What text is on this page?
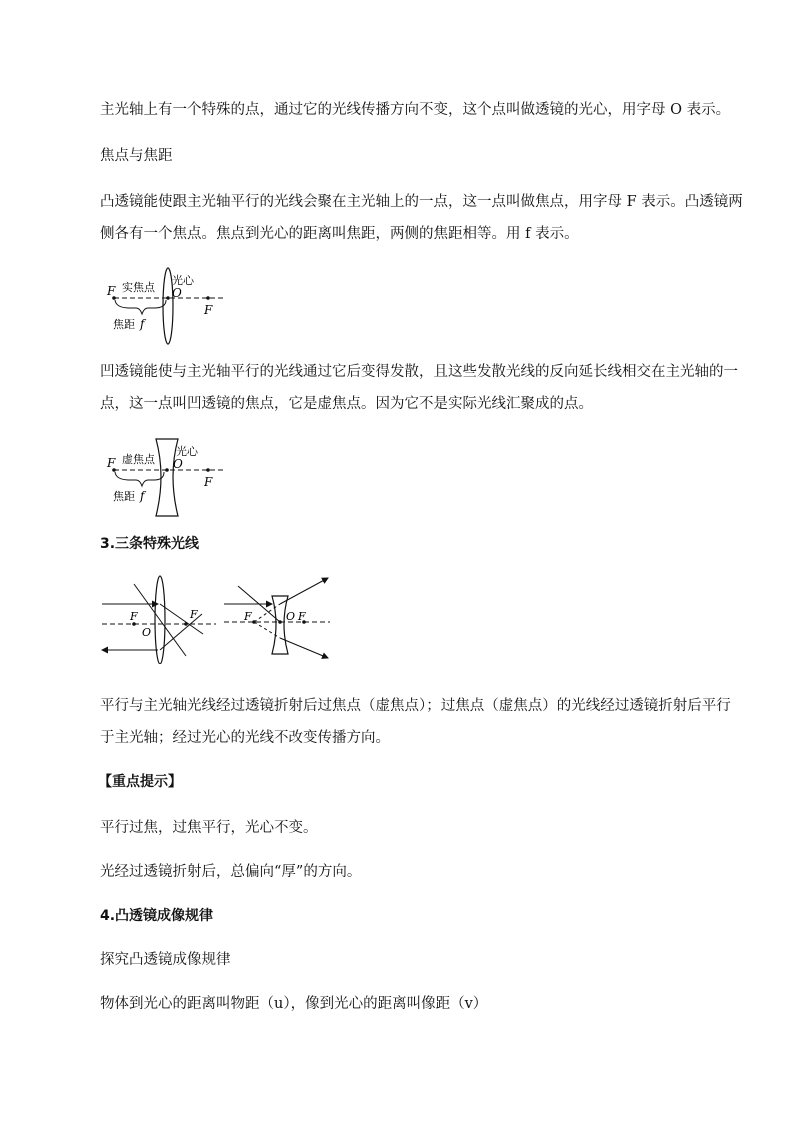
主光轴上有一个特殊的点，通过它的光线传播方向不变，这个点叫做透镜的光心，用字母 O 表示。

焦点与焦距

凸透镜能使跟主光轴平行的光线会聚在主光轴上的一点，这一点叫做焦点，用字母 F 表示。凸透镜两

侧各有一个焦点。焦点到光心的距离叫焦距，两侧的焦距相等。用 f 表示。

F 实焦点
光心
O
F
焦距 f

凹透镜能使与主光轴平行的光线通过它后变得发散，且这些发散光线的反向延长线相交在主光轴的一

点，这一点叫凹透镜的焦点，它是虚焦点。因为它不是实际光线汇聚成的点。

F 虚焦点
光心
O
F
焦距 f

3.三条特殊光线

F	F
O
F	O F

平行与主光轴光线经过透镜折射后过焦点（虚焦点）；过焦点（虚焦点）的光线经过透镜折射后平行

于主光轴；经过光心的光线不改变传播方向。

【重点提示】

平行过焦，过焦平行，光心不变。

光经过透镜折射后，总偏向“厚”的方向。

4.凸透镜成像规律

探究凸透镜成像规律

物体到光心的距离叫物距（u），像到光心的距离叫像距（v）
